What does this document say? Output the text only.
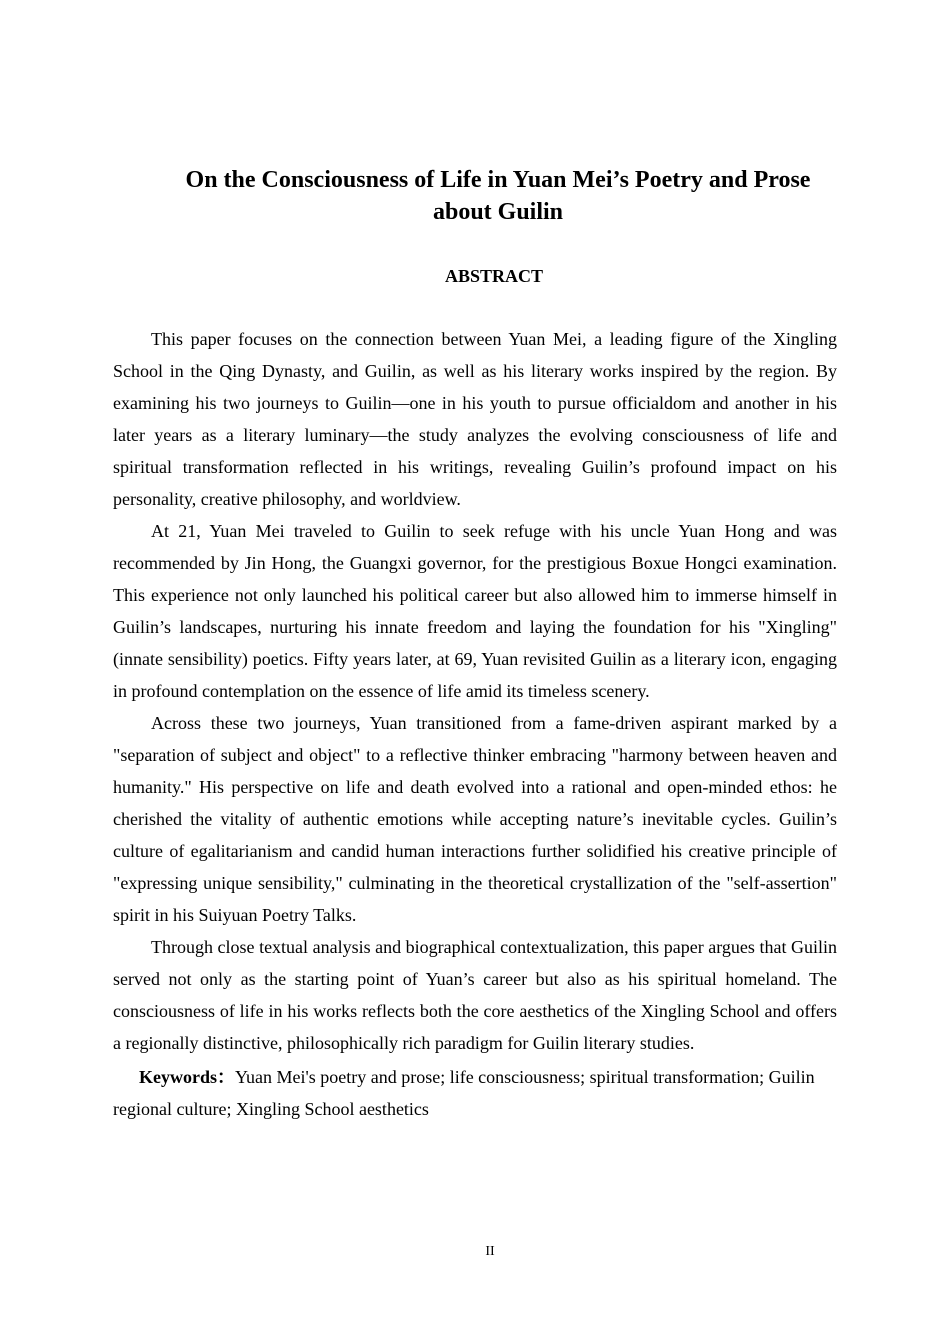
On the Consciousness of Life in Yuan Mei’s Poetry and Prose
about Guilin
ABSTRACT

This paper focuses on the connection between Yuan Mei, a leading figure of the Xingling School in the Qing Dynasty, and Guilin, as well as his literary works inspired by the region. By examining his two journeys to Guilin—one in his youth to pursue officialdom and another in his later years as a literary luminary—the study analyzes the evolving consciousness of life and spiritual transformation reflected in his writings, revealing Guilin’s profound impact on his personality, creative philosophy, and worldview.

At 21, Yuan Mei traveled to Guilin to seek refuge with his uncle Yuan Hong and was recommended by Jin Hong, the Guangxi governor, for the prestigious Boxue Hongci examination. This experience not only launched his political career but also allowed him to immerse himself in Guilin’s landscapes, nurturing his innate freedom and laying the foundation for his "Xingling" (innate sensibility) poetics. Fifty years later, at 69, Yuan revisited Guilin as a literary icon, engaging in profound contemplation on the essence of life amid its timeless scenery.

Across these two journeys, Yuan transitioned from a fame-driven aspirant marked by a "separation of subject and object" to a reflective thinker embracing "harmony between heaven and humanity." His perspective on life and death evolved into a rational and open-minded ethos: he cherished the vitality of authentic emotions while accepting nature’s inevitable cycles. Guilin’s culture of egalitarianism and candid human interactions further solidified his creative principle of "expressing unique sensibility," culminating in the theoretical crystallization of the "self-assertion" spirit in his Suiyuan Poetry Talks.

Through close textual analysis and biographical contextualization, this paper argues that Guilin served not only as the starting point of Yuan’s career but also as his spiritual homeland. The consciousness of life in his works reflects both the core aesthetics of the Xingling School and offers a regionally distinctive, philosophically rich paradigm for Guilin literary studies.

Keywords：Yuan Mei's poetry and prose; life consciousness; spiritual transformation; Guilin regional culture; Xingling School aesthetics

II
